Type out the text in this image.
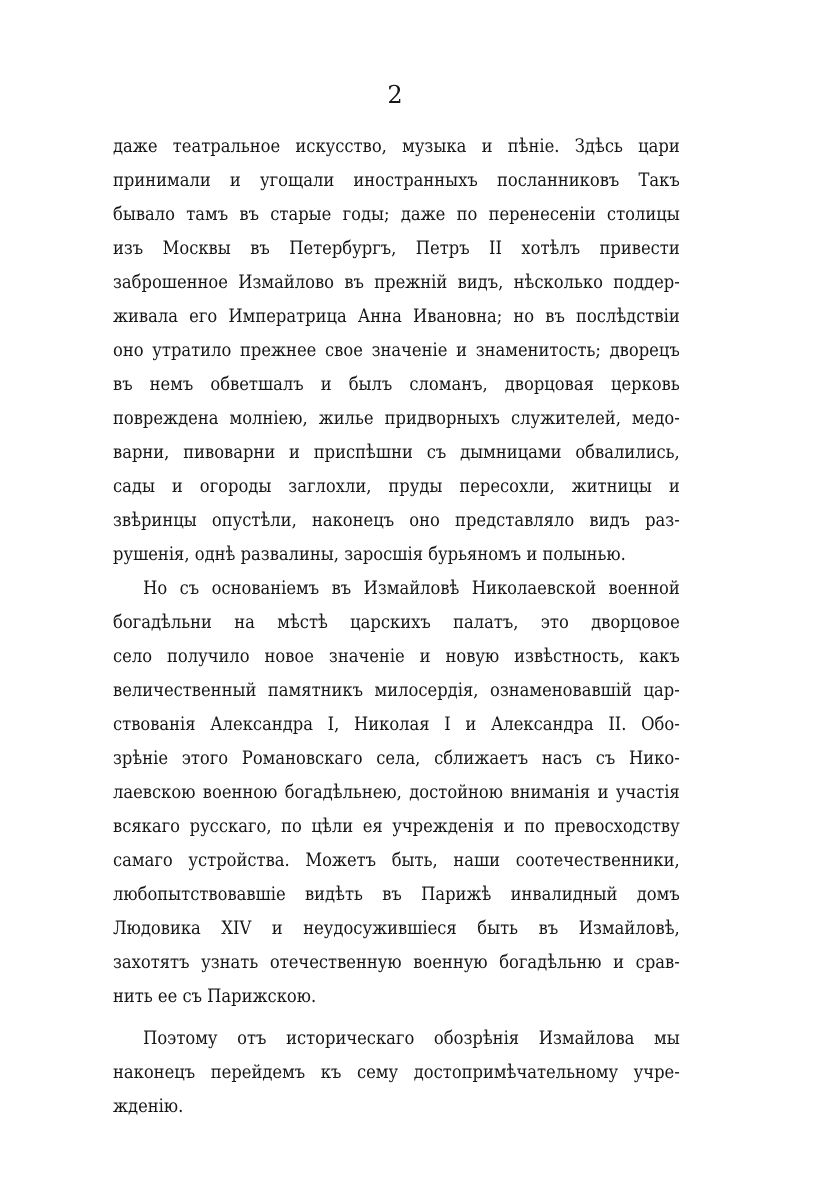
2
даже театральное искусство, музыка и пѣніе. Здѣсь цари
принимали и угощали иностранныхъ посланниковъ Такъ
бывало тамъ въ старые годы; даже по перенесеніи столицы
изъ Москвы въ Петербургъ, Петръ II хотѣлъ привести
заброшенное Измайлово въ прежній видъ, нѣсколько поддер-
живала его Императрица Анна Ивановна; но въ послѣдствіи
оно утратило прежнее свое значеніе и знаменитость; дворецъ
въ немъ обветшалъ и былъ сломанъ, дворцовая церковь
повреждена молніею, жилье придворныхъ служителей, медо-
варни, пивоварни и приспѣшни съ дымницами обвалились,
сады и огороды заглохли, пруды пересохли, житницы и
звѣринцы опустѣли, наконецъ оно представляло видъ раз-
рушенія, однѣ развалины, заросшія бурьяномъ и полынью.
Но съ основаніемъ въ Измайловѣ Николаевской военной
богадѣльни на мѣстѣ царскихъ палатъ, это дворцовое
село получило новое значеніе и новую извѣстность, какъ
величественный памятникъ милосердія, ознаменовавшій цар-
ствованія Александра I, Николая I и Александра II. Обо-
зрѣніе этого Романовскаго села, сближаетъ насъ съ Нико-
лаевскою военною богадѣльнею, достойною вниманія и участія
всякаго русскаго, по цѣли ея учрежденія и по превосходству
самаго устройства. Можетъ быть, наши соотечественники,
любопытствовавшіе видѣть въ Парижѣ инвалидный домъ
Людовика XIV и неудосужившіеся быть въ Измайловѣ,
захотятъ узнать отечественную военную богадѣльню и срав-
нить ее съ Парижскою.
Поэтому отъ историческаго обозрѣнія Измайлова мы
наконецъ перейдемъ къ сему достопримѣчательному учре-
жденію.
